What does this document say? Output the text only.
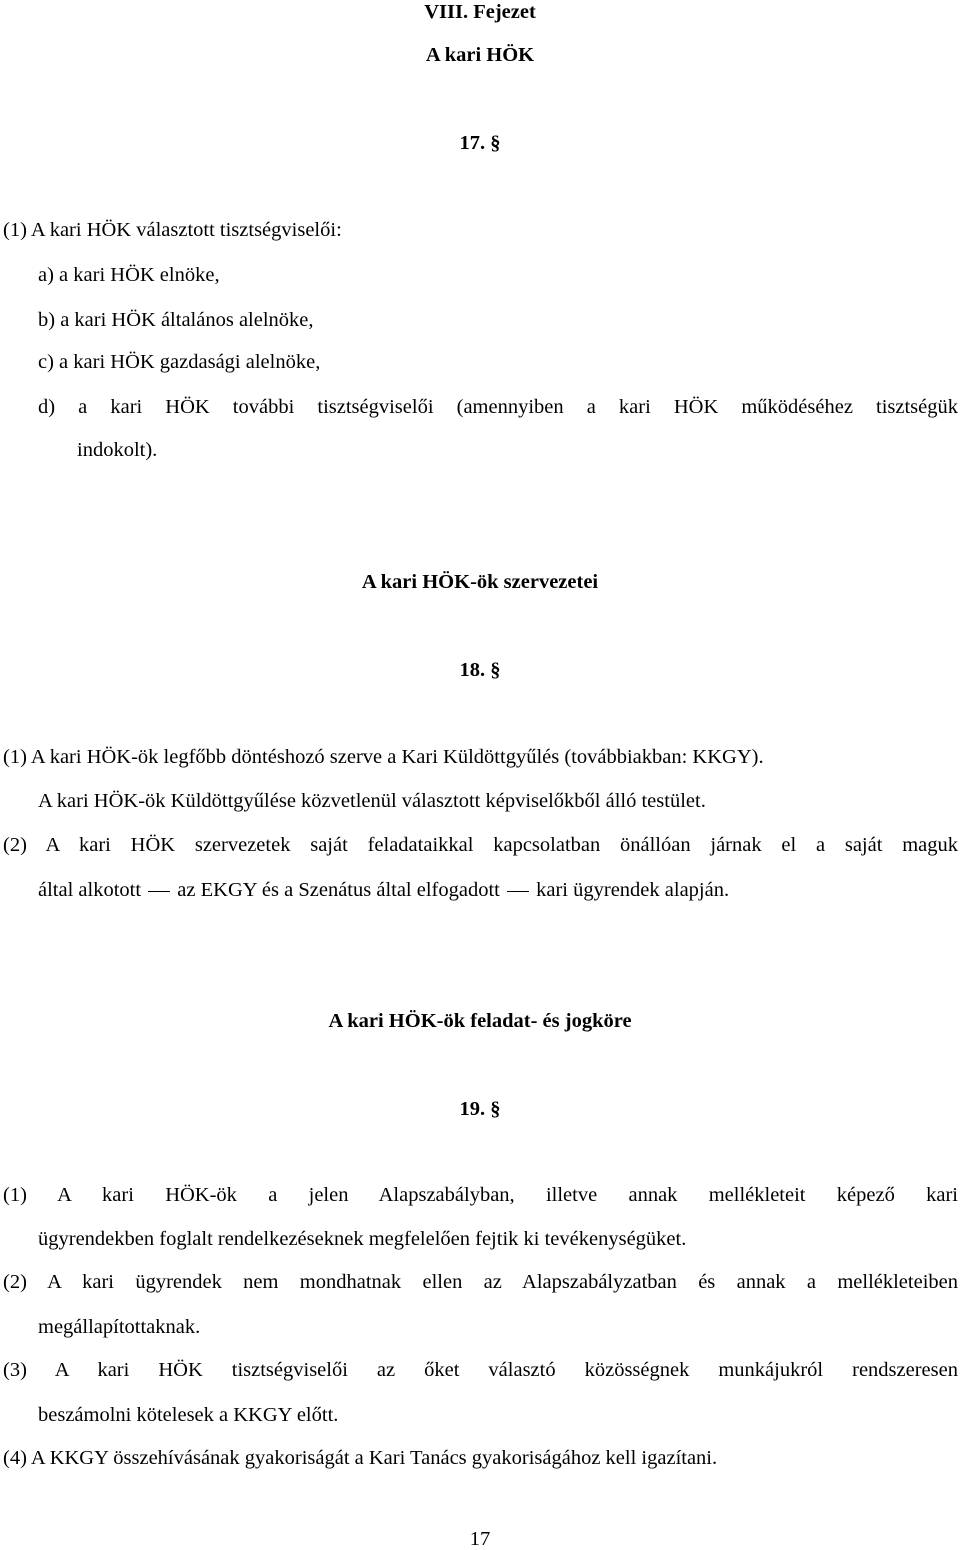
VIII. Fejezet
A kari HÖK
17. §
(1) A kari HÖK választott tisztségviselői:
a) a kari HÖK elnöke,
b) a kari HÖK általános alelnöke,
c) a kari HÖK gazdasági alelnöke,
d) a kari HÖK további tisztségviselői (amennyiben a kari HÖK működéséhez tisztségük
indokolt).
A kari HÖK-ök szervezetei
18. §
(1) A kari HÖK-ök legfőbb döntéshozó szerve a Kari Küldöttgyűlés (továbbiakban: KKGY).
A kari HÖK-ök Küldöttgyűlése közvetlenül választott képviselőkből álló testület.
(2) A kari HÖK szervezetek saját feladataikkal kapcsolatban önállóan járnak el a saját maguk
által alkotott az EKGY és a Szenátus által elfogadott kari ügyrendek alapján.
A kari HÖK-ök feladat- és jogköre
19. §
(1) A kari HÖK-ök a jelen Alapszabályban, illetve annak mellékleteit képező kari
ügyrendekben foglalt rendelkezéseknek megfelelően fejtik ki tevékenységüket.
(2) A kari ügyrendek nem mondhatnak ellen az Alapszabályzatban és annak a mellékleteiben
megállapítottaknak.
(3) A kari HÖK tisztségviselői az őket választó közösségnek munkájukról rendszeresen
beszámolni kötelesek a KKGY előtt.
(4) A KKGY összehívásának gyakoriságát a Kari Tanács gyakoriságához kell igazítani.
17
